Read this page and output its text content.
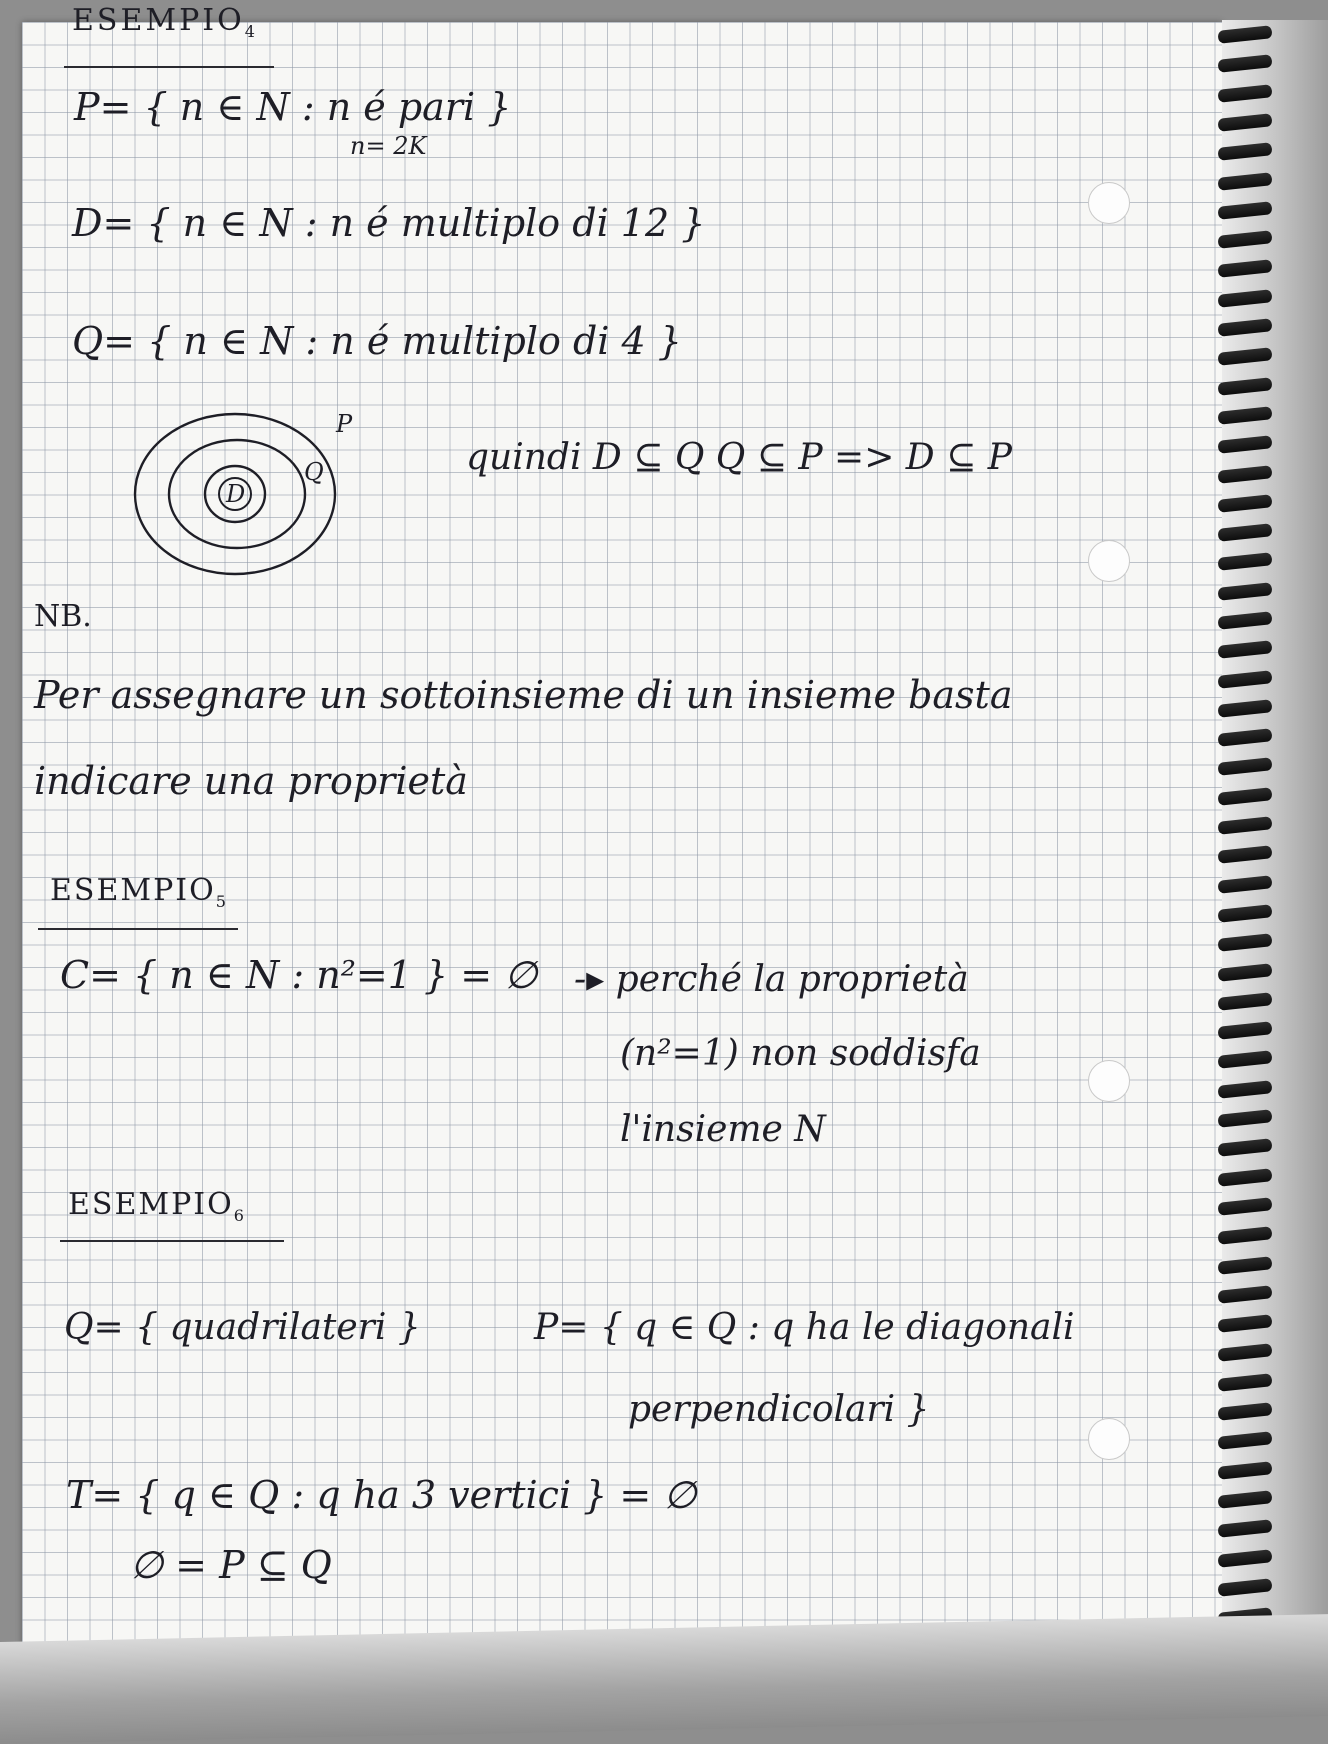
$ESEMPIO_4$

P= { n ∈ N : n é pari }

n= 2K

D= { n ∈ N : n é multiplo di 12 }

Q= { n ∈ N : n é multiplo di 4 }

D

Q

P

quindi D ⊆ Q Q ⊆ P => D ⊆ P

NB.

Per assegnare un sottoinsieme di un insieme basta

indicare una proprietà

$ESEMPIO_5$

C= { n ∈ N : n²=1 } = ∅ -▸ perché la proprietà

(n²=1) non soddisfa

l'insieme N

$ESEMPIO_6$

Q= { quadrilateri }	P= { q ∈ Q : q ha le diagonali

perpendicolari }

T= { q ∈ Q : q ha 3 vertici } = ∅

∅ = P ⊆ Q
